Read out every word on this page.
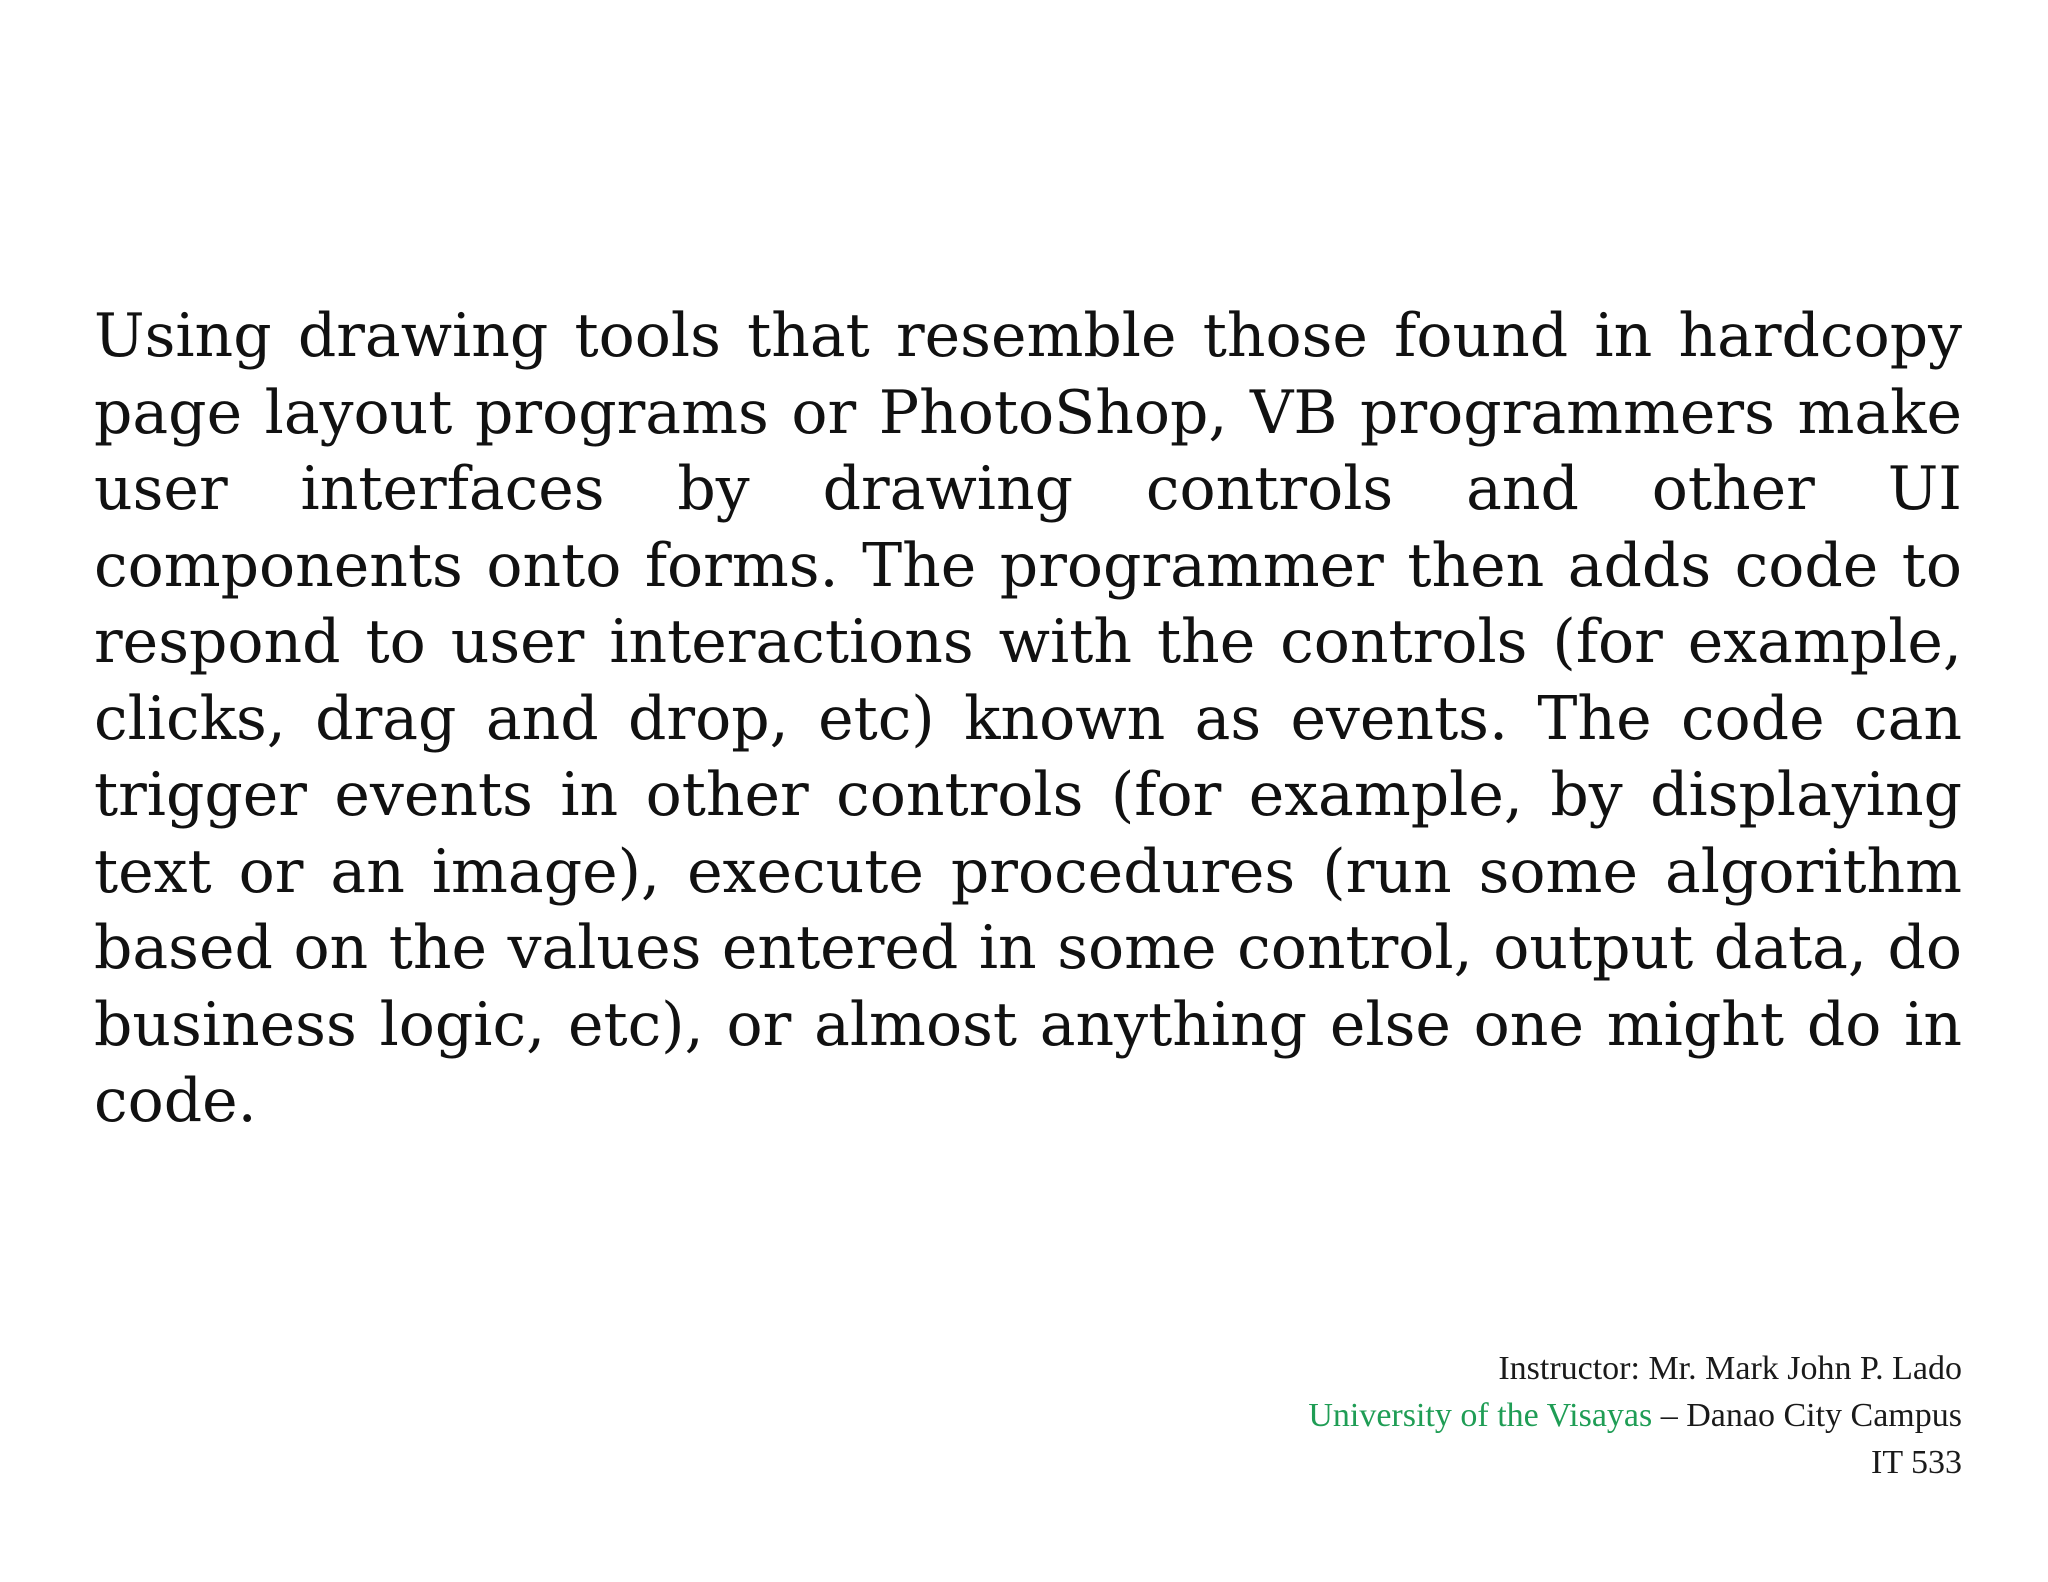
Using drawing tools that resemble those found in hardcopy page layout programs or PhotoShop, VB programmers make user interfaces by drawing controls and other UI components onto forms. The programmer then adds code to respond to user interactions with the controls (for example, clicks, drag and drop, etc) known as events. The code can trigger events in other controls (for example, by displaying text or an image), execute procedures (run some algorithm based on the values entered in some control, output data, do business logic, etc), or almost anything else one might do in code.

Instructor: Mr. Mark John P. Lado
University of the Visayas – Danao City Campus
IT 533
